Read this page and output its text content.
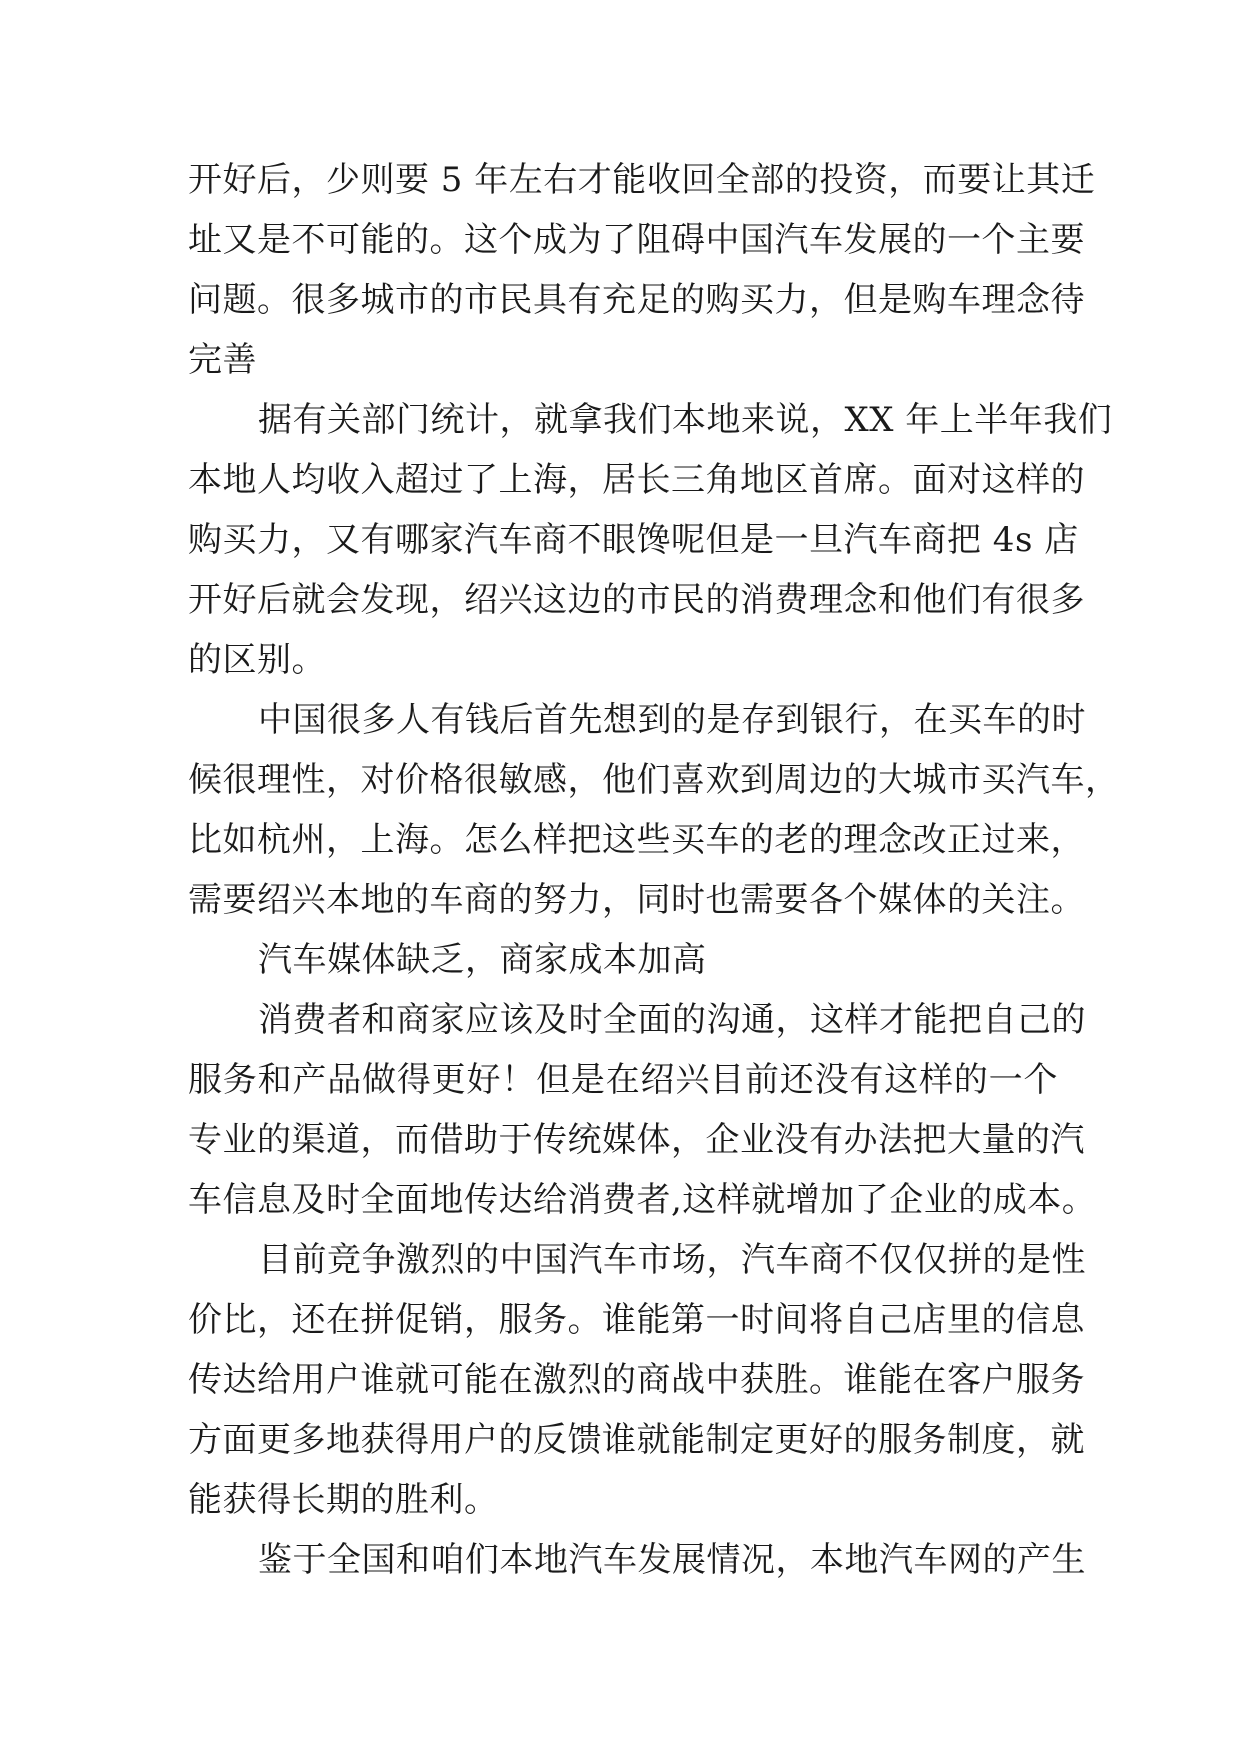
开好后，少则要 5 年左右才能收回全部的投资，而要让其迁
址又是不可能的。这个成为了阻碍中国汽车发展的一个主要
问题。很多城市的市民具有充足的购买力，但是购车理念待
完善
据有关部门统计，就拿我们本地来说，XX 年上半年我们
本地人均收入超过了上海，居长三角地区首席。面对这样的
购买力，又有哪家汽车商不眼馋呢但是一旦汽车商把 4s 店
开好后就会发现，绍兴这边的市民的消费理念和他们有很多
的区别。
中国很多人有钱后首先想到的是存到银行，在买车的时
候很理性，对价格很敏感，他们喜欢到周边的大城市买汽车，
比如杭州，上海。怎么样把这些买车的老的理念改正过来，
需要绍兴本地的车商的努力，同时也需要各个媒体的关注。
汽车媒体缺乏，商家成本加高
消费者和商家应该及时全面的沟通，这样才能把自己的
服务和产品做得更好！但是在绍兴目前还没有这样的一个
专业的渠道，而借助于传统媒体，企业没有办法把大量的汽
车信息及时全面地传达给消费者,这样就增加了企业的成本。
目前竞争激烈的中国汽车市场，汽车商不仅仅拼的是性
价比，还在拼促销，服务。谁能第一时间将自己店里的信息
传达给用户谁就可能在激烈的商战中获胜。谁能在客户服务
方面更多地获得用户的反馈谁就能制定更好的服务制度，就
能获得长期的胜利。
鉴于全国和咱们本地汽车发展情况，本地汽车网的产生
